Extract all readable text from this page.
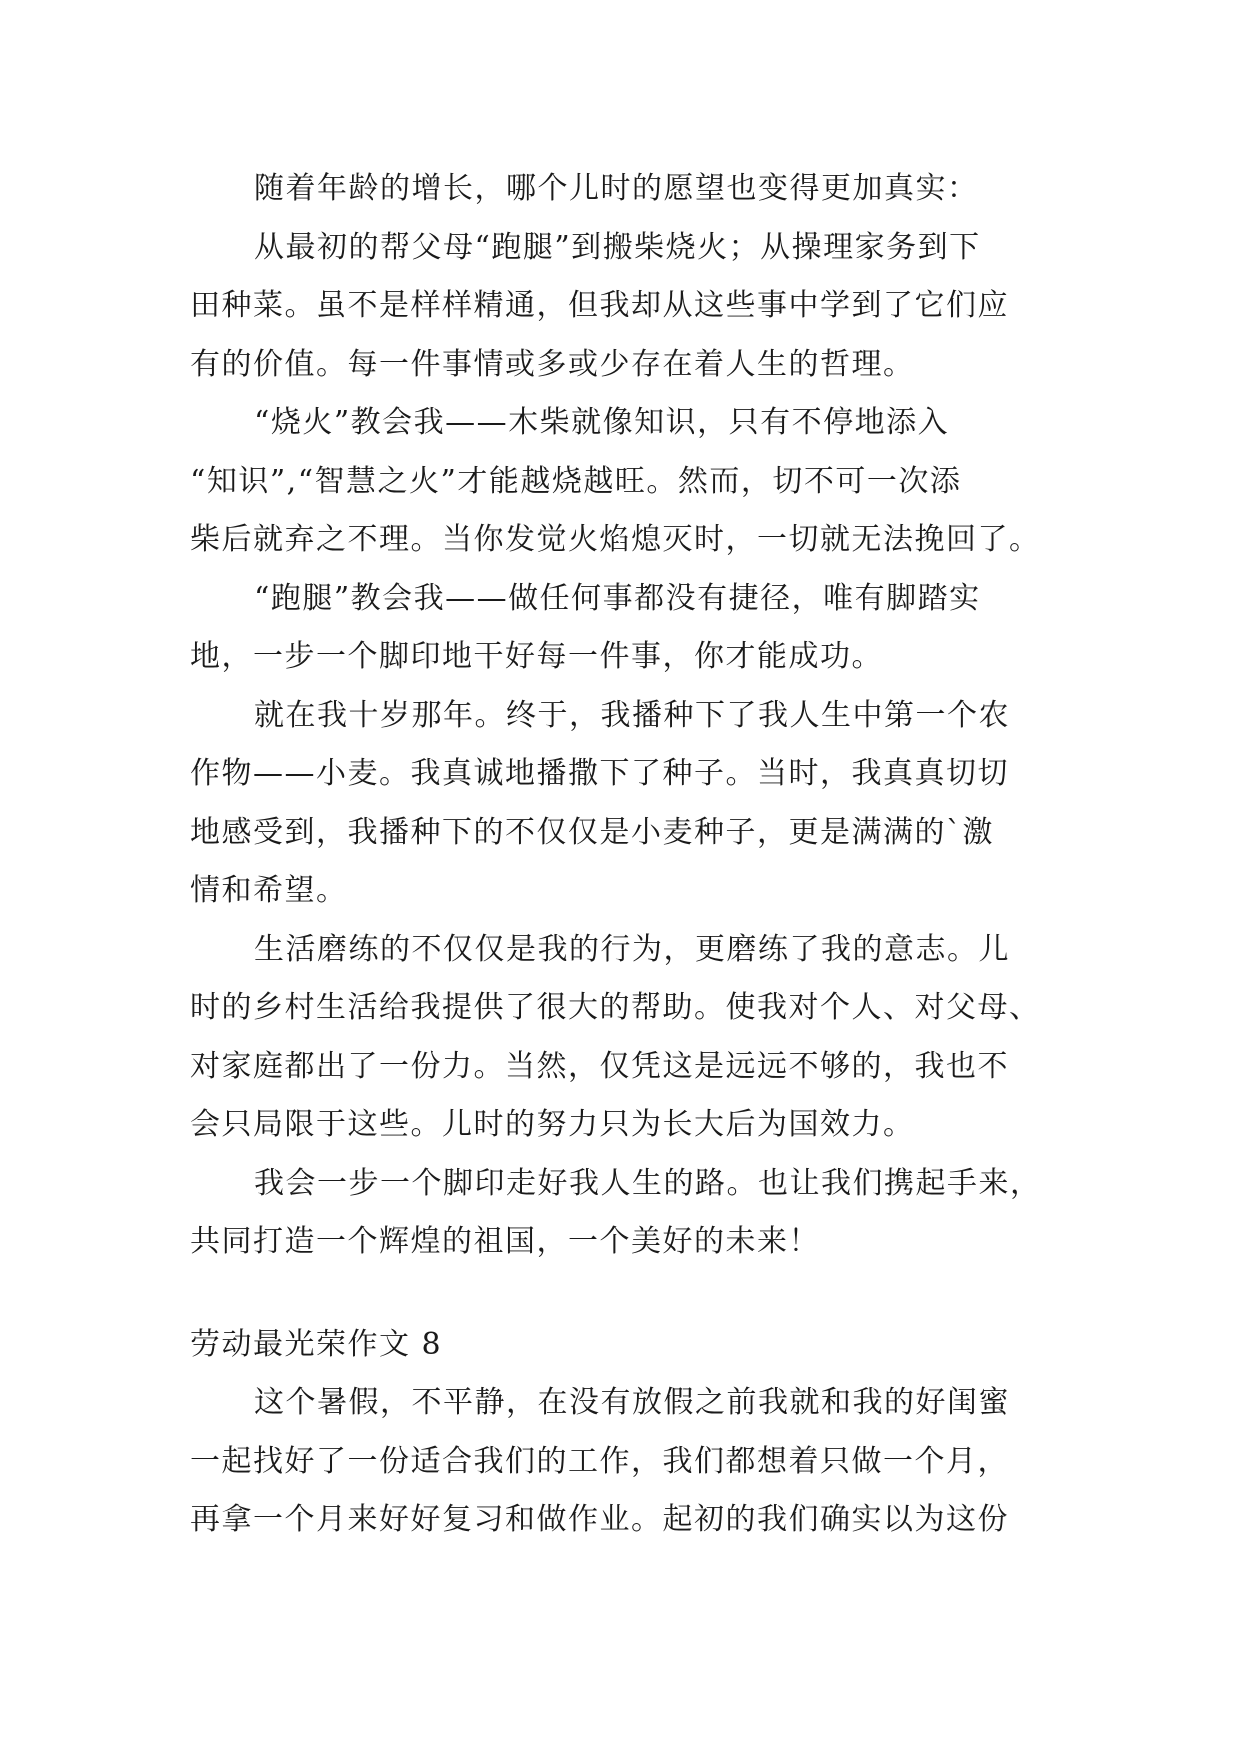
随着年龄的增长，哪个儿时的愿望也变得更加真实：
从最初的帮父母“跑腿”到搬柴烧火；从操理家务到下
田种菜。虽不是样样精通，但我却从这些事中学到了它们应
有的价值。每一件事情或多或少存在着人生的哲理。
“烧火”教会我——木柴就像知识，只有不停地添入
“知识”,“智慧之火”才能越烧越旺。然而，切不可一次添
柴后就弃之不理。当你发觉火焰熄灭时，一切就无法挽回了。
“跑腿”教会我——做任何事都没有捷径，唯有脚踏实
地，一步一个脚印地干好每一件事，你才能成功。
就在我十岁那年。终于，我播种下了我人生中第一个农
作物——小麦。我真诚地播撒下了种子。当时，我真真切切
地感受到，我播种下的不仅仅是小麦种子，更是满满的`激
情和希望。
生活磨练的不仅仅是我的行为，更磨练了我的意志。儿
时的乡村生活给我提供了很大的帮助。使我对个人、对父母、
对家庭都出了一份力。当然，仅凭这是远远不够的，我也不
会只局限于这些。儿时的努力只为长大后为国效力。
我会一步一个脚印走好我人生的路。也让我们携起手来，
共同打造一个辉煌的祖国，一个美好的未来！
劳动最光荣作文 8
这个暑假，不平静，在没有放假之前我就和我的好闺蜜
一起找好了一份适合我们的工作，我们都想着只做一个月，
再拿一个月来好好复习和做作业。起初的我们确实以为这份
